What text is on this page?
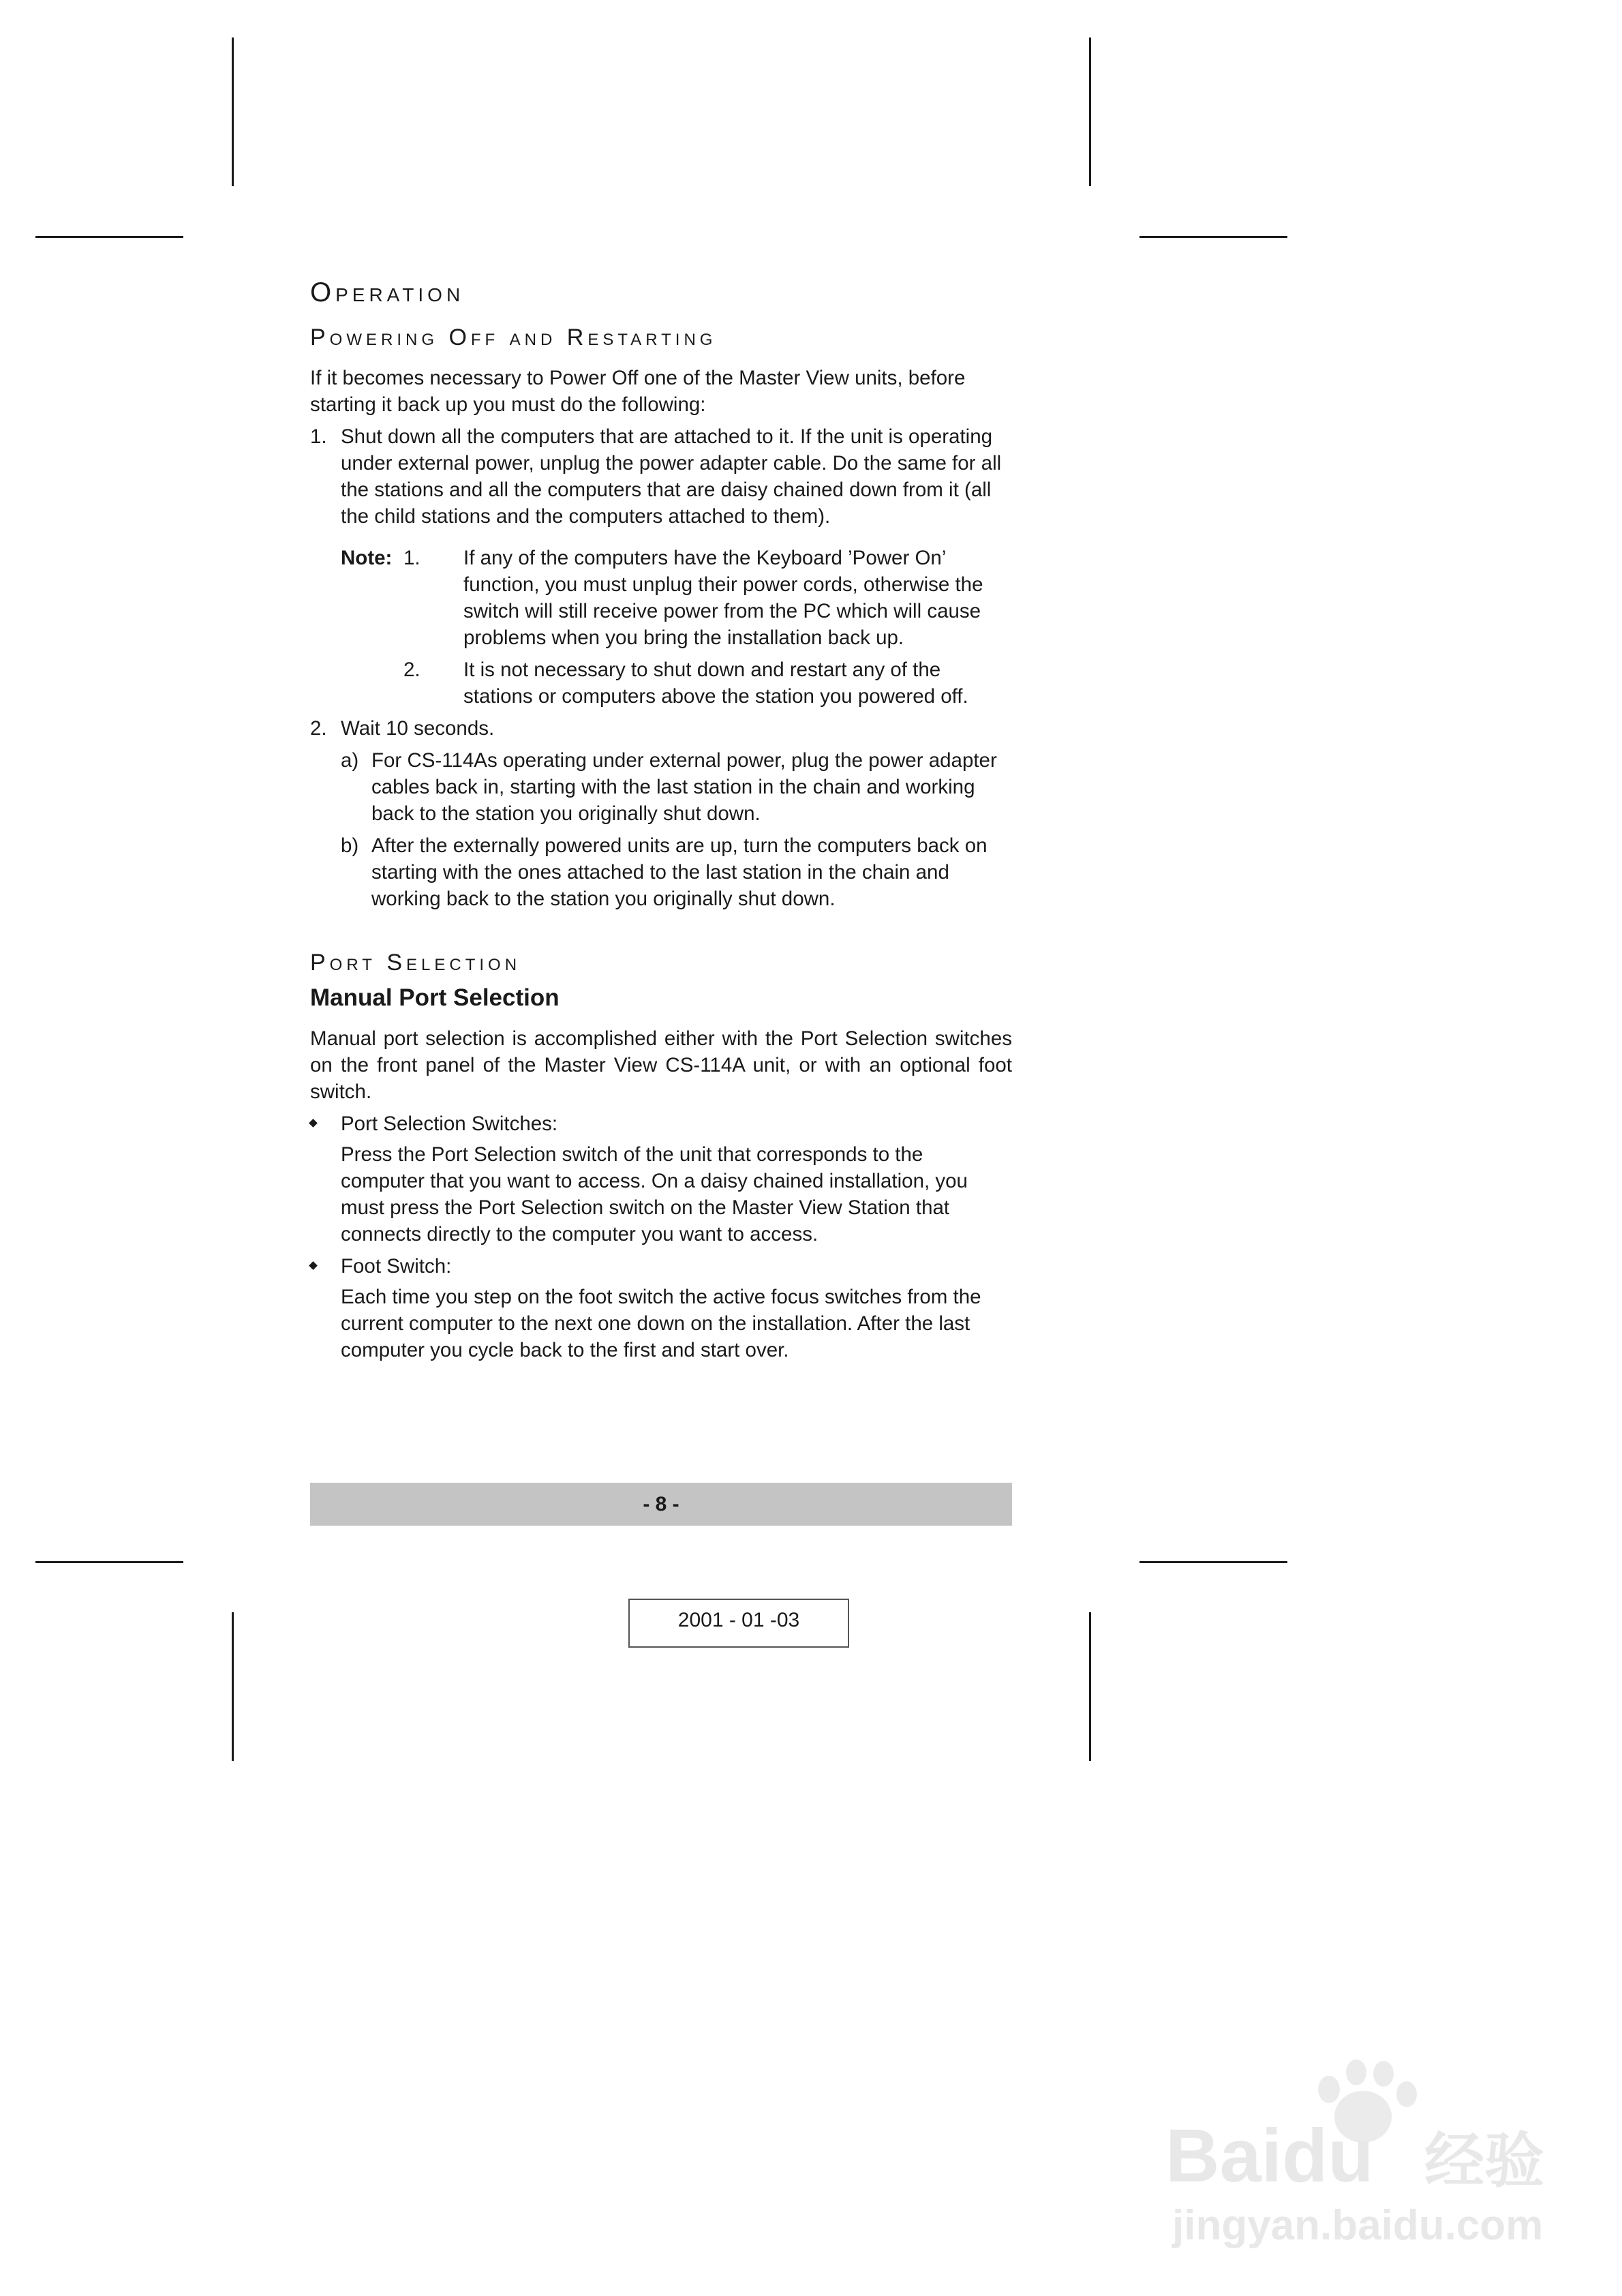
Operation
Powering Off and Restarting

If it becomes necessary to Power Off one of the Master View units, before starting it back up you must do the following:

1. Shut down all the computers that are attached to it. If the unit is operating under external power, unplug the power adapter cable. Do the same for all the stations and all the computers that are daisy chained down from it (all the child stations and the computers attached to them).
Note: 1. If any of the computers have the Keyboard ’Power On’ function, you must unplug their power cords, otherwise the switch will still receive power from the PC which will cause problems when you bring the installation back up.
2. It is not necessary to shut down and restart any of the stations or computers above the station you powered off.
2. Wait 10 seconds.
a) For CS-114As operating under external power, plug the power adapter cables back in, starting with the last station in the chain and working back to the station you originally shut down.
b) After the externally powered units are up, turn the computers back on starting with the ones attached to the last station in the chain and working back to the station you originally shut down.
Port Selection
Manual Port Selection

Manual port selection is accomplished either with the Port Selection switches on the front panel of the Master View CS-114A unit, or with an optional foot switch.

Port Selection Switches:

Press the Port Selection switch of the unit that corresponds to the computer that you want to access. On a daisy chained installation, you must press the Port Selection switch on the Master View Station that connects directly to the computer you want to access.

Foot Switch:

Each time you step on the foot switch the active focus switches from the current computer to the next one down on the installation. After the last computer you cycle back to the first and start over.

- 8 -
2001 - 01 -03
Baidu 经验
jingyan.baidu.com
